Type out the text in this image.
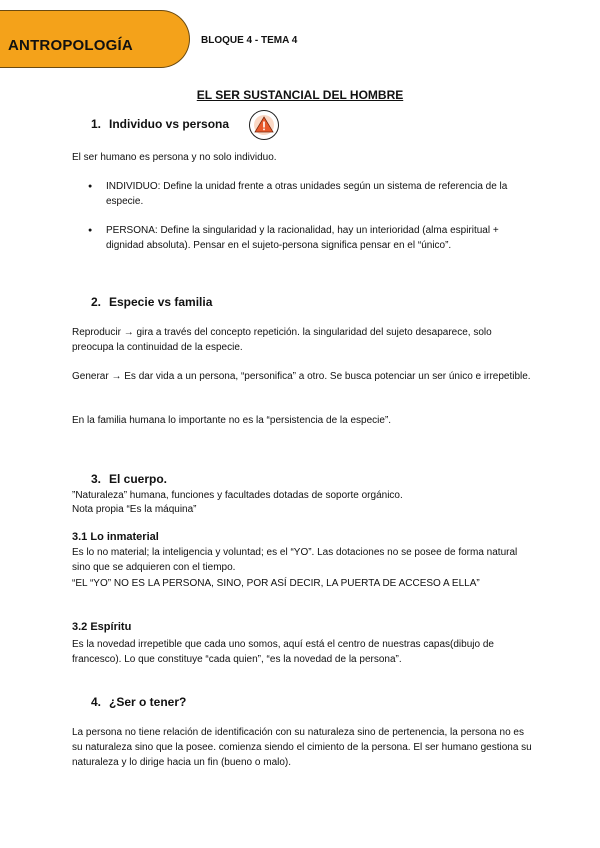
ANTROPOLOGÍA	BLOQUE 4 - TEMA 4
EL SER SUSTANCIAL DEL HOMBRE
1. Individuo vs persona
El ser humano es persona y no solo individuo.
● INDIVIDUO: Define la unidad frente a otras unidades según un sistema de referencia de la especie.
● PERSONA: Define la singularidad y la racionalidad, hay un interioridad (alma espiritual + dignidad absoluta). Pensar en el sujeto-persona significa pensar en el “único”.
2. Especie vs familia
Reproducir → gira a través del concepto repetición. la singularidad del sujeto desaparece, solo preocupa la continuidad de la especie.
Generar → Es dar vida a un persona, “personifica” a otro. Se busca potenciar un ser único e irrepetible.
En la familia humana lo importante no es la “persistencia de la especie”.
3. El cuerpo.
”Naturaleza” humana, funciones y facultades dotadas de soporte orgánico.
Nota propia “Es la máquina”
3.1 Lo inmaterial
Es lo no material; la inteligencia y voluntad; es el “YO”. Las dotaciones no se posee de forma natural sino que se adquieren con el tiempo.
“EL “YO” NO ES LA PERSONA, SINO, POR ASÍ DECIR, LA PUERTA DE ACCESO A ELLA”
3.2 Espíritu
Es la novedad irrepetible que cada uno somos, aquí está el centro de nuestras capas(dibujo de francesco). Lo que constituye “cada quien”, “es la novedad de la persona”.
4. ¿Ser o tener?
La persona no tiene relación de identificación con su naturaleza sino de pertenencia, la persona no es su naturaleza sino que la posee. comienza siendo el cimiento de la persona. El ser humano gestiona su naturaleza y lo dirige hacia un fin (bueno o malo).
